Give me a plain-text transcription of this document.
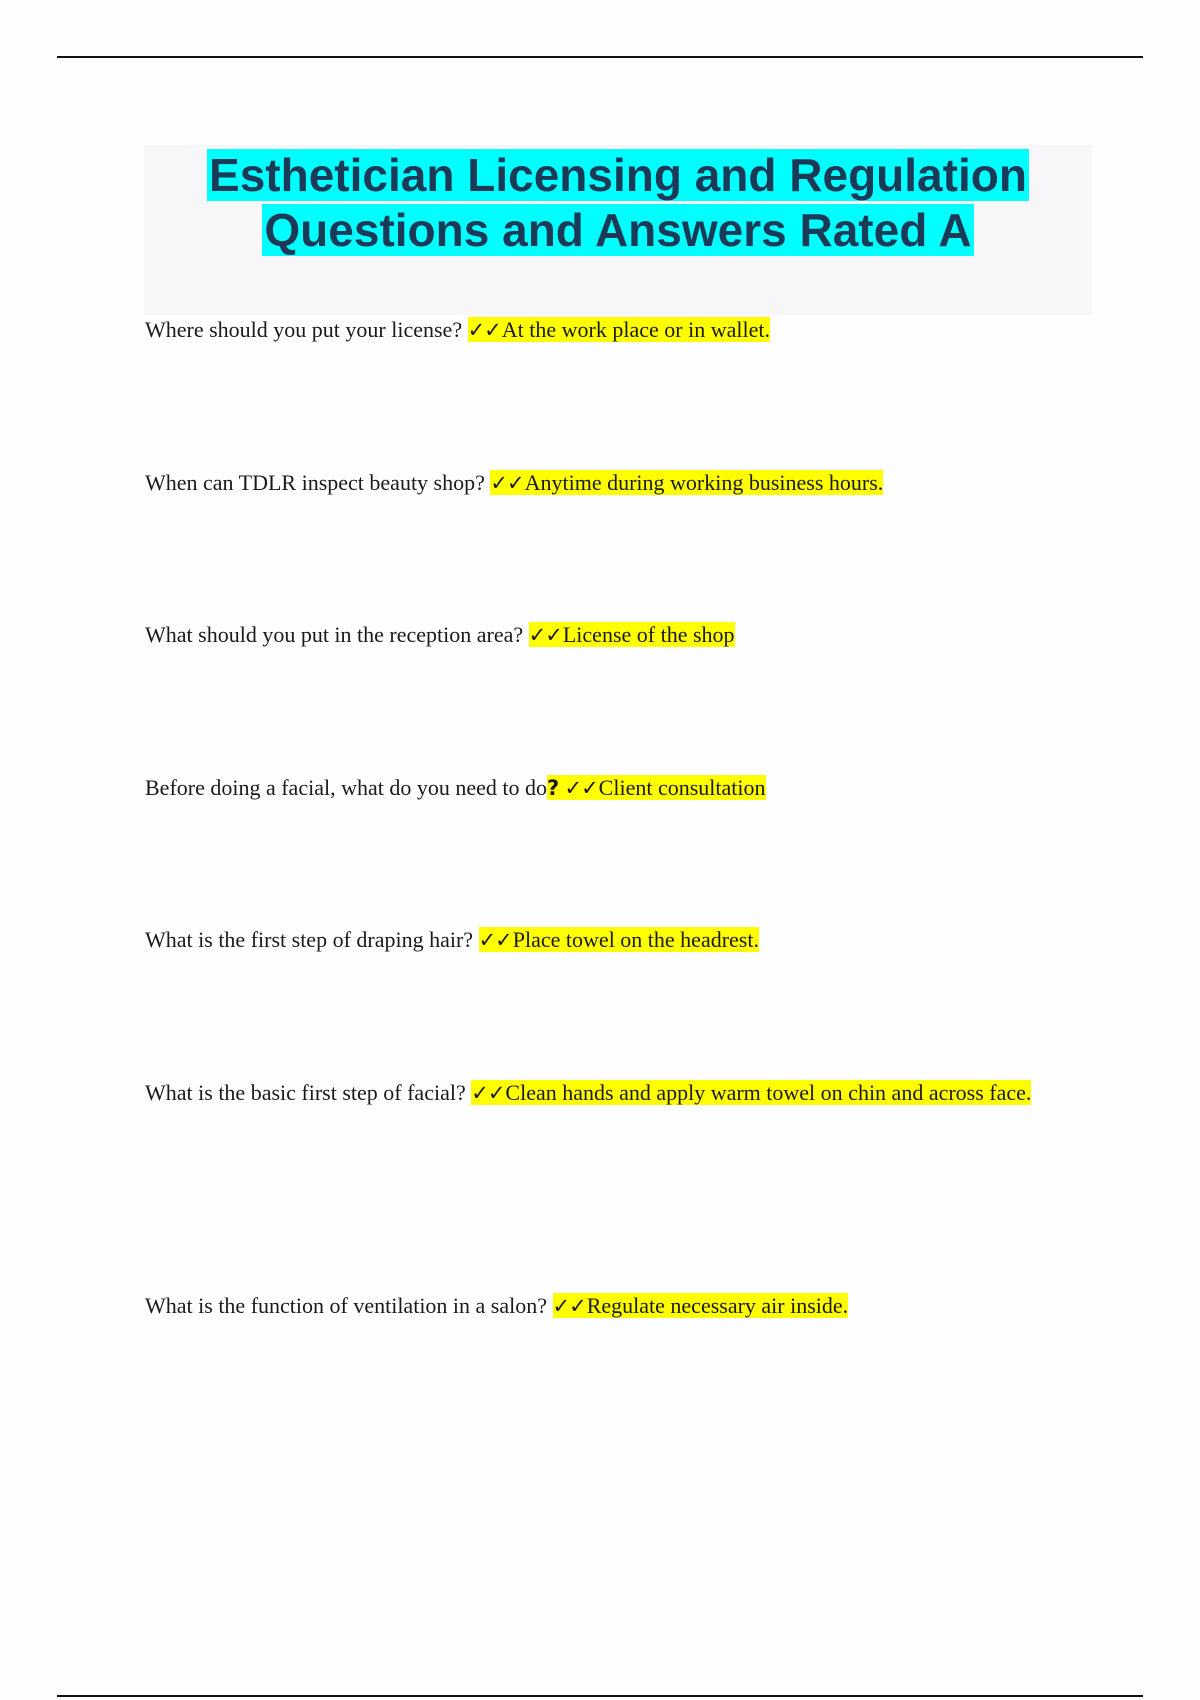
Esthetician Licensing and Regulation Questions and Answers Rated A

Where should you put your license? ✓✓At the work place or in wallet.

When can TDLR inspect beauty shop? ✓✓Anytime during working business hours.

What should you put in the reception area? ✓✓License of the shop

Before doing a facial, what do you need to do? ✓✓Client consultation

What is the first step of draping hair? ✓✓Place towel on the headrest.

What is the basic first step of facial? ✓✓Clean hands and apply warm towel on chin and across face.

What is the function of ventilation in a salon? ✓✓Regulate necessary air inside.
